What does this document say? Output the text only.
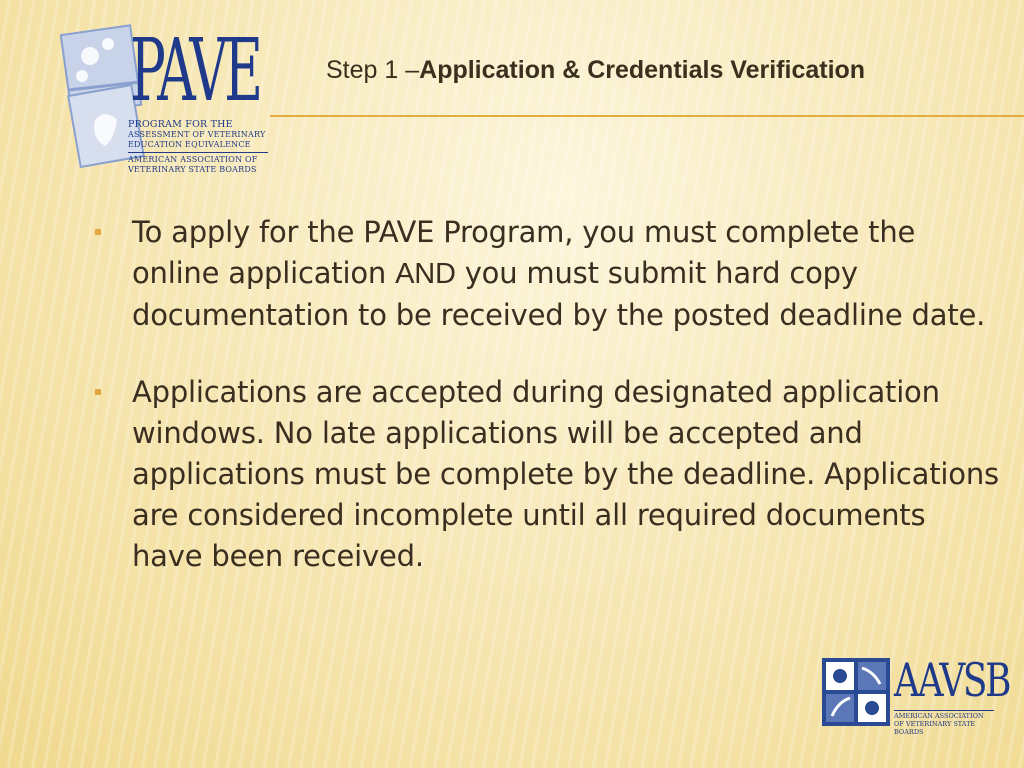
PAVE
PROGRAM FOR THE
ASSESSMENT OF VETERINARY
EDUCATION EQUIVALENCE
AMERICAN ASSOCIATION OF
VETERINARY STATE BOARDS
Step 1 –Application & Credentials Verification
To apply for the PAVE Program, you must complete the online application AND you must submit hard copy documentation to be received by the posted deadline date.
Applications are accepted during designated application windows. No late applications will be accepted and applications must be complete by the deadline. Applications are considered incomplete until all required documents have been received.
AAVSB
AMERICAN ASSOCIATION OF VETERINARY STATE BOARDS
